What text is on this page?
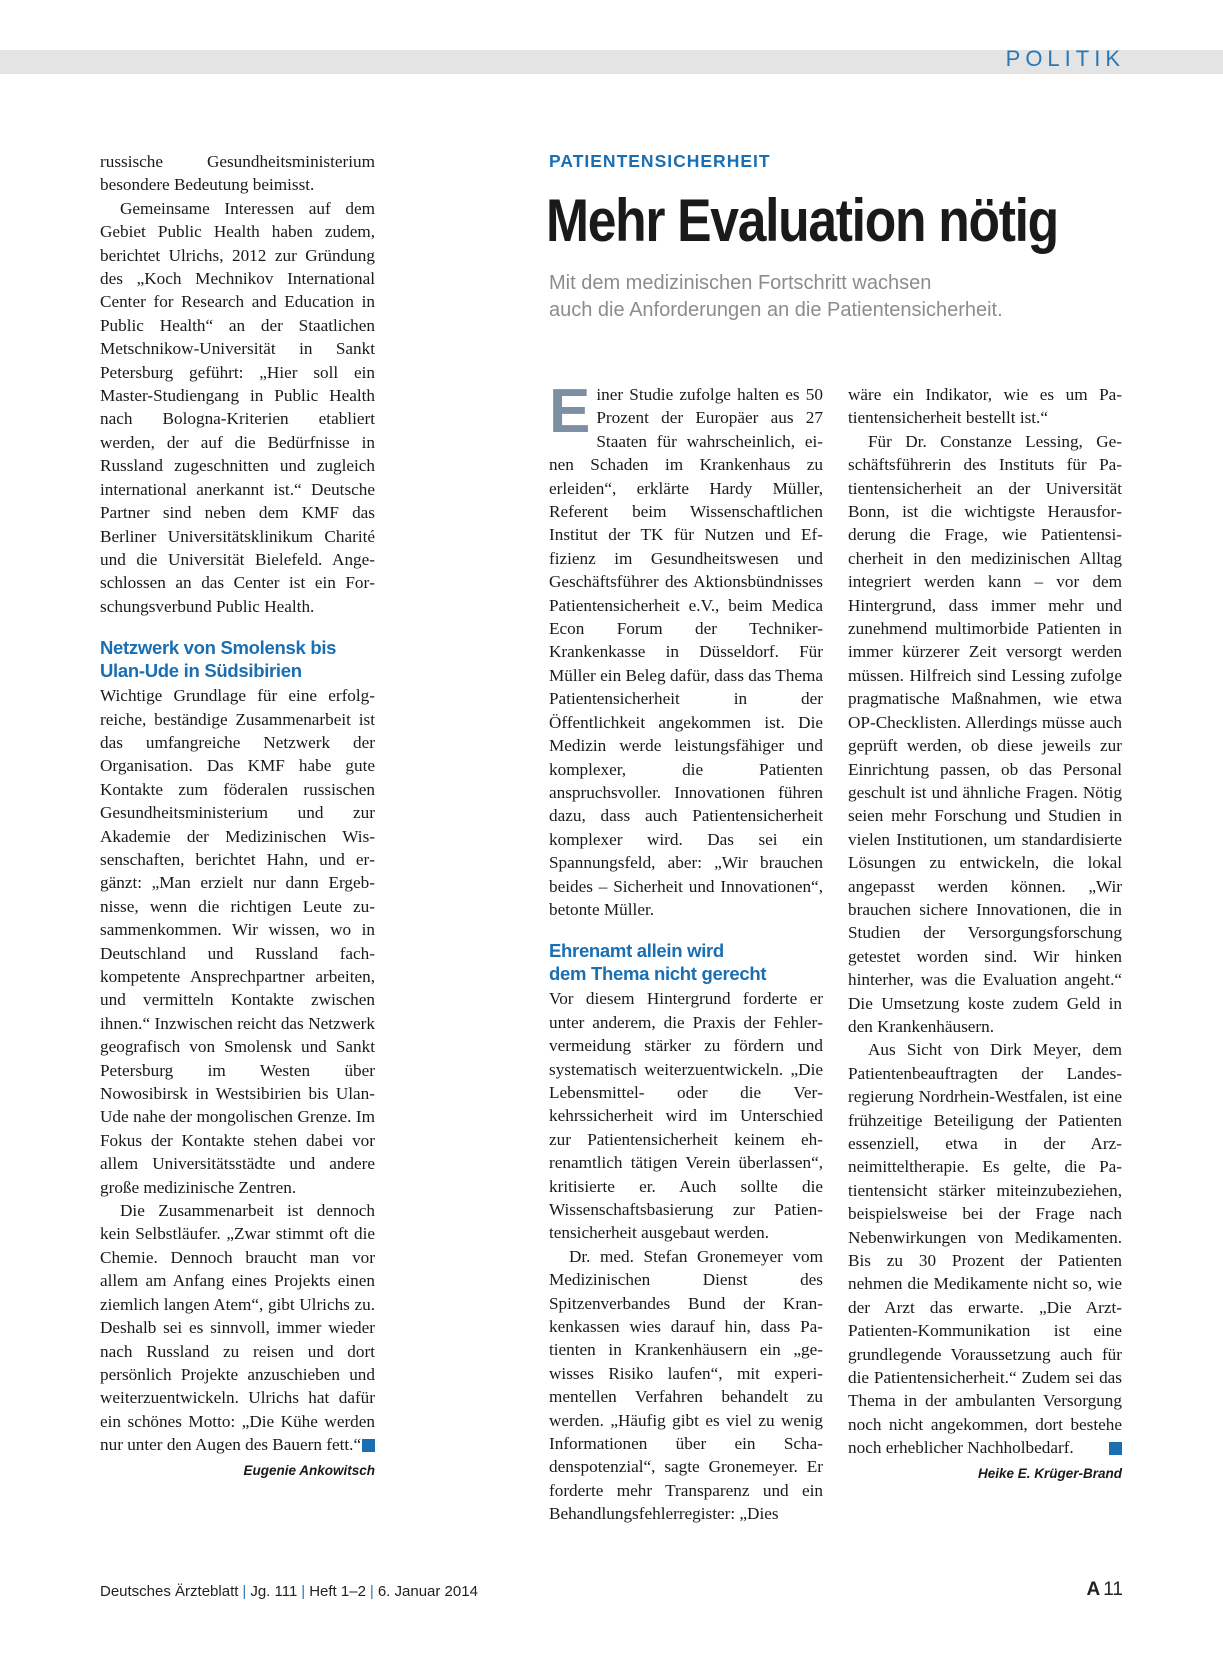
POLITIK

russische Gesundheitsministerium besondere Bedeutung beimisst.

Gemeinsame Interessen auf dem Gebiet Public Health haben zudem, berichtet Ulrichs, 2012 zur Gründung des „Koch Mechnikov International Center for Research and Education in Public Health“ an der Staatlichen Metschnikow-Universität in Sankt Petersburg geführt: „Hier soll ein Master-Studiengang in Public Health nach Bologna-Kriterien etabliert werden, der auf die Bedürfnisse in Russland zugeschnitten und zugleich international anerkannt ist.“ Deutsche Partner sind neben dem KMF das Berliner Universitätsklinikum Charité und die Universität Bielefeld. Angeschlossen an das Center ist ein Forschungsverbund Public Health.

Netzwerk von Smolensk bis
Ulan-Ude in Südsibirien

Wichtige Grundlage für eine erfolgreiche, beständige Zusammenarbeit ist das umfangreiche Netzwerk der Organisation. Das KMF habe gute Kontakte zum föderalen russischen Gesundheitsministerium und zur Akademie der Medizinischen Wissenschaften, berichtet Hahn, und ergänzt: „Man erzielt nur dann Ergebnisse, wenn die richtigen Leute zusammenkommen. Wir wissen, wo in Deutschland und Russland fachkompetente Ansprechpartner arbeiten, und vermitteln Kontakte zwischen ihnen.“ Inzwischen reicht das Netzwerk geografisch von Smolensk und Sankt Petersburg im Westen über Nowosibirsk in Westsibirien bis Ulan-Ude nahe der mongolischen Grenze. Im Fokus der Kontakte stehen dabei vor allem Universitätsstädte und andere große medizinische Zentren.

Die Zusammenarbeit ist dennoch kein Selbstläufer. „Zwar stimmt oft die Chemie. Dennoch braucht man vor allem am Anfang eines Projekts einen ziemlich langen Atem“, gibt Ulrichs zu. Deshalb sei es sinnvoll, immer wieder nach Russland zu reisen und dort persönlich Projekte anzuschieben und weiterzuentwickeln. Ulrichs hat dafür ein schönes Motto: „Die Kühe werden nur unter den Augen des Bauern fett.“

Eugenie Ankowitsch
PATIENTENSICHERHEIT
Mehr Evaluation nötig
Mit dem medizinischen Fortschritt wachsen
auch die Anforderungen an die Patientensicherheit.

Einer Studie zufolge halten es 50 Prozent der Europäer aus 27 Staaten für wahrscheinlich, einen Schaden im Krankenhaus zu erleiden“, erklärte Hardy Müller, Referent beim Wissenschaftlichen Institut der TK für Nutzen und Effizienz im Gesundheitswesen und Geschäftsführer des Aktionsbündnisses Patientensicherheit e.V., beim Medica Econ Forum der Techniker-Krankenkasse in Düsseldorf. Für Müller ein Beleg dafür, dass das Thema Patientensicherheit in der Öffentlichkeit angekommen ist. Die Medizin werde leistungsfähiger und komplexer, die Patienten anspruchsvoller. Innovationen führen dazu, dass auch Patientensicherheit komplexer wird. Das sei ein Spannungsfeld, aber: „Wir brauchen beides – Sicherheit und Innovationen“, betonte Müller.

Ehrenamt allein wird
dem Thema nicht gerecht

Vor diesem Hintergrund forderte er unter anderem, die Praxis der Fehlervermeidung stärker zu fördern und systematisch weiterzuentwickeln. „Die Lebensmittel- oder die Verkehrssicherheit wird im Unterschied zur Patientensicherheit keinem ehrenamtlich tätigen Verein überlassen“, kritisierte er. Auch sollte die Wissenschaftsbasierung zur Patientensicherheit ausgebaut werden.

Dr. med. Stefan Gronemeyer vom Medizinischen Dienst des Spitzenverbandes Bund der Krankenkassen wies darauf hin, dass Patienten in Krankenhäusern ein „gewisses Risiko laufen“, mit experimentellen Verfahren behandelt zu werden. „Häufig gibt es viel zu wenig Informationen über ein Schadenspotenzial“, sagte Gronemeyer. Er forderte mehr Transparenz und ein Behandlungsfehlerregister: „Dies

wäre ein Indikator, wie es um Patientensicherheit bestellt ist.“

Für Dr. Constanze Lessing, Geschäftsführerin des Instituts für Patientensicherheit an der Universität Bonn, ist die wichtigste Herausforderung die Frage, wie Patientensicherheit in den medizinischen Alltag integriert werden kann – vor dem Hintergrund, dass immer mehr und zunehmend multimorbide Patienten in immer kürzerer Zeit versorgt werden müssen. Hilfreich sind Lessing zufolge pragmatische Maßnahmen, wie etwa OP-Checklisten. Allerdings müsse auch geprüft werden, ob diese jeweils zur Einrichtung passen, ob das Personal geschult ist und ähnliche Fragen. Nötig seien mehr Forschung und Studien in vielen Institutionen, um standardisierte Lösungen zu entwickeln, die lokal angepasst werden können. „Wir brauchen sichere Innovationen, die in Studien der Versorgungsforschung getestet worden sind. Wir hinken hinterher, was die Evaluation angeht.“ Die Umsetzung koste zudem Geld in den Krankenhäusern.

Aus Sicht von Dirk Meyer, dem Patientenbeauftragten der Landesregierung Nordrhein-Westfalen, ist eine frühzeitige Beteiligung der Patienten essenziell, etwa in der Arzneimitteltherapie. Es gelte, die Patientensicht stärker miteinzubeziehen, beispielsweise bei der Frage nach Nebenwirkungen von Medikamenten. Bis zu 30 Prozent der Patienten nehmen die Medikamente nicht so, wie der Arzt das erwarte. „Die Arzt-Patienten-Kommunikation ist eine grundlegende Voraussetzung auch für die Patientensicherheit.“ Zudem sei das Thema in der ambulanten Versorgung noch nicht angekommen, dort bestehe noch erheblicher Nachholbedarf.

Heike E. Krüger-Brand
Deutsches Ärzteblatt | Jg. 111 | Heft 1–2 | 6. Januar 2014	A 11
